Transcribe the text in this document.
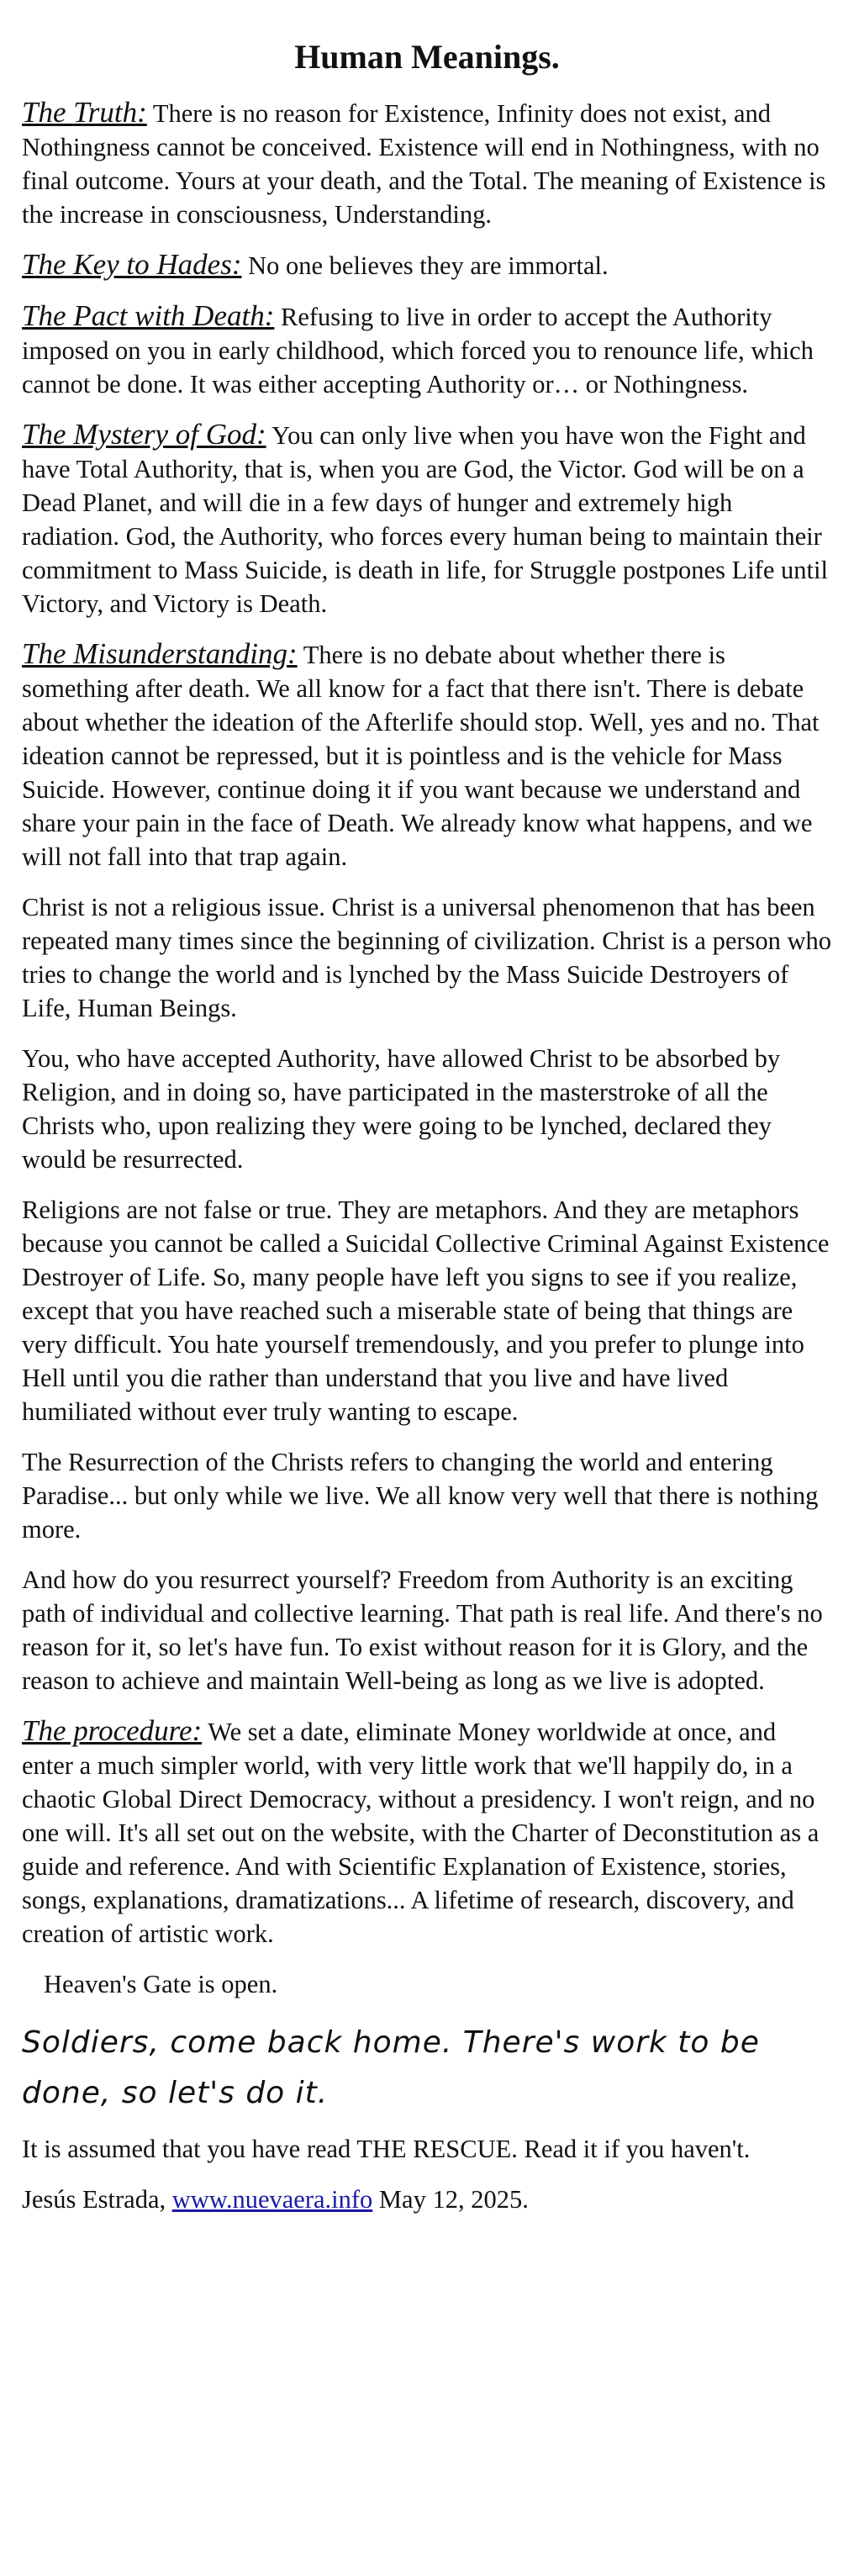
Human Meanings.

The Truth: There is no reason for Existence, Infinity does not exist, and Nothingness cannot be conceived. Existence will end in Nothingness, with no final outcome. Yours at your death, and the Total. The meaning of Existence is the increase in consciousness, Understanding.

The Key to Hades: No one believes they are immortal.

The Pact with Death: Refusing to live in order to accept the Authority imposed on you in early childhood, which forced you to renounce life, which cannot be done. It was either accepting Authority or… or Nothingness.

The Mystery of God: You can only live when you have won the Fight and have Total Authority, that is, when you are God, the Victor. God will be on a Dead Planet, and will die in a few days of hunger and extremely high radiation. God, the Authority, who forces every human being to maintain their commitment to Mass Suicide, is death in life, for Struggle postpones Life until Victory, and Victory is Death.

The Misunderstanding: There is no debate about whether there is something after death. We all know for a fact that there isn't. There is debate about whether the ideation of the Afterlife should stop. Well, yes and no. That ideation cannot be repressed, but it is pointless and is the vehicle for Mass Suicide. However, continue doing it if you want because we understand and share your pain in the face of Death. We already know what happens, and we will not fall into that trap again.

Christ is not a religious issue. Christ is a universal phenomenon that has been repeated many times since the beginning of civilization. Christ is a person who tries to change the world and is lynched by the Mass Suicide Destroyers of Life, Human Beings.

You, who have accepted Authority, have allowed Christ to be absorbed by Religion, and in doing so, have participated in the masterstroke of all the Christs who, upon realizing they were going to be lynched, declared they would be resurrected.

Religions are not false or true. They are metaphors. And they are metaphors because you cannot be called a Suicidal Collective Criminal Against Existence Destroyer of Life. So, many people have left you signs to see if you realize, except that you have reached such a miserable state of being that things are very difficult. You hate yourself tremendously, and you prefer to plunge into Hell until you die rather than understand that you live and have lived humiliated without ever truly wanting to escape.

The Resurrection of the Christs refers to changing the world and entering Paradise... but only while we live. We all know very well that there is nothing more.

And how do you resurrect yourself? Freedom from Authority is an exciting path of individual and collective learning. That path is real life. And there's no reason for it, so let's have fun. To exist without reason for it is Glory, and the reason to achieve and maintain Well-being as long as we live is adopted.

The procedure: We set a date, eliminate Money worldwide at once, and enter a much simpler world, with very little work that we'll happily do, in a chaotic Global Direct Democracy, without a presidency. I won't reign, and no one will. It's all set out on the website, with the Charter of Deconstitution as a guide and reference. And with Scientific Explanation of Existence, stories, songs, explanations, dramatizations... A lifetime of research, discovery, and creation of artistic work.

Heaven's Gate is open.

Soldiers, come back home. There's work to be done, so let's do it.

It is assumed that you have read THE RESCUE. Read it if you haven't.

Jesús Estrada, www.nuevaera.info May 12, 2025.
